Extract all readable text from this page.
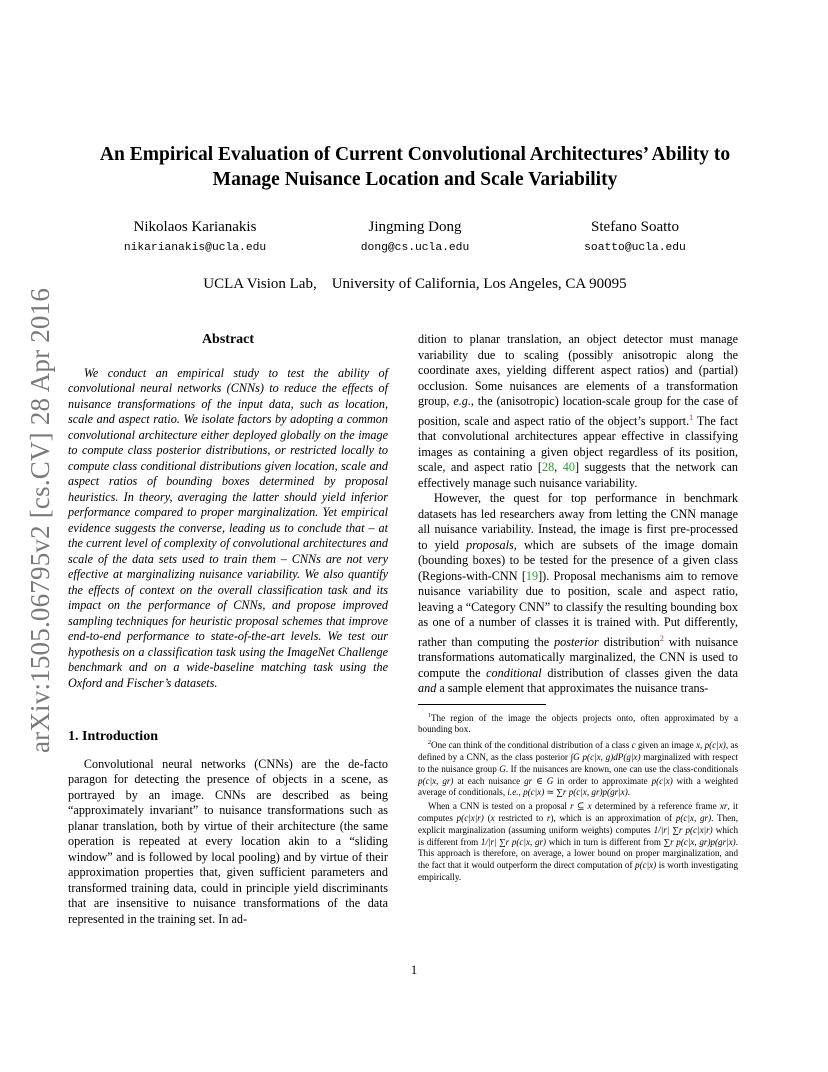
arXiv:1505.06795v2 [cs.CV] 28 Apr 2016
An Empirical Evaluation of Current Convolutional Architectures’ Ability to
Manage Nuisance Location and Scale Variability
Nikolaos Karianakis
nikarianakis@ucla.edu
Jingming Dong
dong@cs.ucla.edu
Stefano Soatto
soatto@ucla.edu
UCLA Vision Lab,    University of California, Los Angeles, CA 90095
Abstract

We conduct an empirical study to test the ability of convolutional neural networks (CNNs) to reduce the effects of nuisance transformations of the input data, such as location, scale and aspect ratio. We isolate factors by adopting a common convolutional architecture either deployed globally on the image to compute class posterior distributions, or restricted locally to compute class conditional distributions given location, scale and aspect ratios of bounding boxes determined by proposal heuristics. In theory, averaging the latter should yield inferior performance compared to proper marginalization. Yet empirical evidence suggests the converse, leading us to conclude that – at the current level of complexity of convolutional architectures and scale of the data sets used to train them – CNNs are not very effective at marginalizing nuisance variability. We also quantify the effects of context on the overall classification task and its impact on the performance of CNNs, and propose improved sampling techniques for heuristic proposal schemes that improve end-to-end performance to state-of-the-art levels. We test our hypothesis on a classification task using the ImageNet Challenge benchmark and on a wide-baseline matching task using the Oxford and Fischer’s datasets.

1. Introduction

Convolutional neural networks (CNNs) are the de-facto paragon for detecting the presence of objects in a scene, as portrayed by an image. CNNs are described as being “approximately invariant” to nuisance transformations such as planar translation, both by virtue of their architecture (the same operation is repeated at every location akin to a “sliding window” and is followed by local pooling) and by virtue of their approximation properties that, given sufficient parameters and transformed training data, could in principle yield discriminants that are insensitive to nuisance transformations of the data represented in the training set. In ad-

dition to planar translation, an object detector must manage variability due to scaling (possibly anisotropic along the coordinate axes, yielding different aspect ratios) and (partial) occlusion. Some nuisances are elements of a transformation group, e.g., the (anisotropic) location-scale group for the case of position, scale and aspect ratio of the object’s support.$^1$ The fact that convolutional architectures appear effective in classifying images as containing a given object regardless of its position, scale, and aspect ratio [28, 40] suggests that the network can effectively manage such nuisance variability.

However, the quest for top performance in benchmark datasets has led researchers away from letting the CNN manage all nuisance variability. Instead, the image is first pre-processed to yield proposals, which are subsets of the image domain (bounding boxes) to be tested for the presence of a given class (Regions-with-CNN [19]). Proposal mechanisms aim to remove nuisance variability due to position, scale and aspect ratio, leaving a “Category CNN” to classify the resulting bounding box as one of a number of classes it is trained with. Put differently, rather than computing the posterior distribution$^2$ with nuisance transformations automatically marginalized, the CNN is used to compute the conditional distribution of classes given the data and a sample element that approximates the nuisance trans-

$^1$The region of the image the objects projects onto, often approximated by a bounding box.

$^2$One can think of the conditional distribution of a class c given an image x, p(c|x), as defined by a CNN, as the class posterior ∫G p(c|x, g)dP(g|x) marginalized with respect to the nuisance group G. If the nuisances are known, one can use the class-conditionals p(c|x, gr) at each nuisance gr ∈ G in order to approximate p(c|x) with a weighted average of conditionals, i.e., p(c|x) ≃ ∑r p(c|x, gr)p(gr|x).

When a CNN is tested on a proposal r ⊆ x determined by a reference frame xr, it computes p(c|x|r) (x restricted to r), which is an approximation of p(c|x, gr). Then, explicit marginalization (assuming uniform weights) computes 1/|r| ∑r p(c|x|r) which is different from 1/|r| ∑r p(c|x, gr) which in turn is different from ∑r p(c|x, gr)p(gr|x). This approach is therefore, on average, a lower bound on proper marginalization, and the fact that it would outperform the direct computation of p(c|x) is worth investigating empirically.

1
